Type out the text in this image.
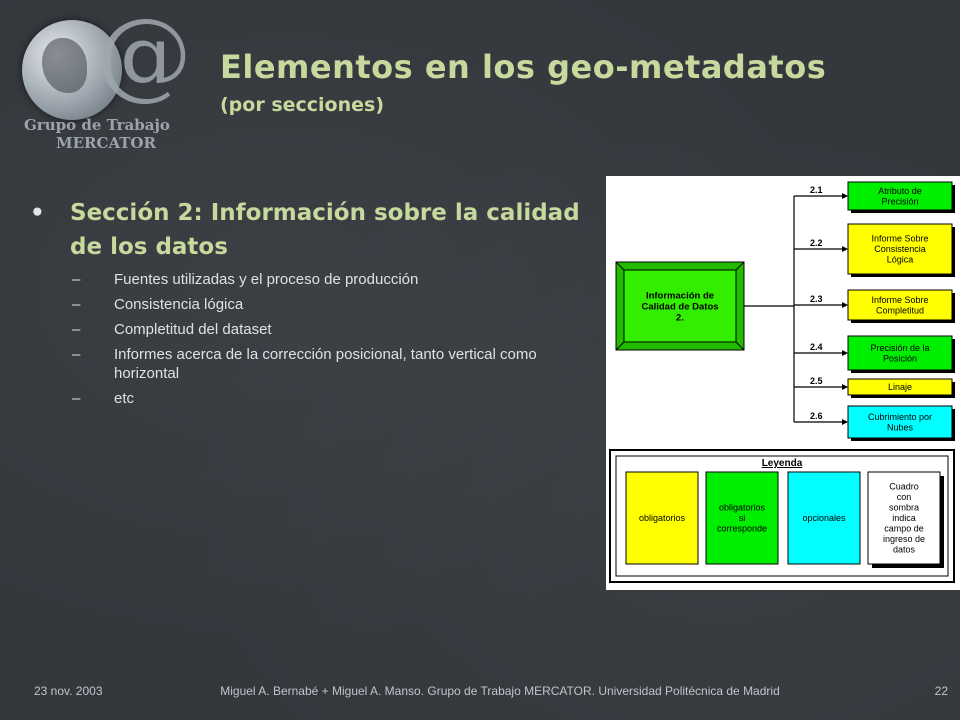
@
Grupo de Trabajo
MERCATOR
Elementos en los geo-metadatos
(por secciones)
•	Sección 2: Información sobre la calidad de los datos
–	Fuentes utilizadas y el proceso de producción
–	Consistencia lógica
–	Completitud del dataset
–	Informes acerca de la corrección posicional, tanto vertical como horizontal
–	etc
Información de Calidad de Datos 2.
2.1	Atributo de Precisión
2.2	Informe Sobre Consistencia Lógica
2.3	Informe Sobre Completitud
2.4	Precisión de la Posición
2.5
Linaje
2.6	Cubrimiento por Nubes
Leyenda
obligatorios
obligatorios si corresponde
opcionales
Cuadro con sombra indica campo de ingreso de datos
23 nov. 2003	Miguel A. Bernabé + Miguel A. Manso. Grupo de Trabajo MERCATOR. Universidad Politécnica de Madrid	22
